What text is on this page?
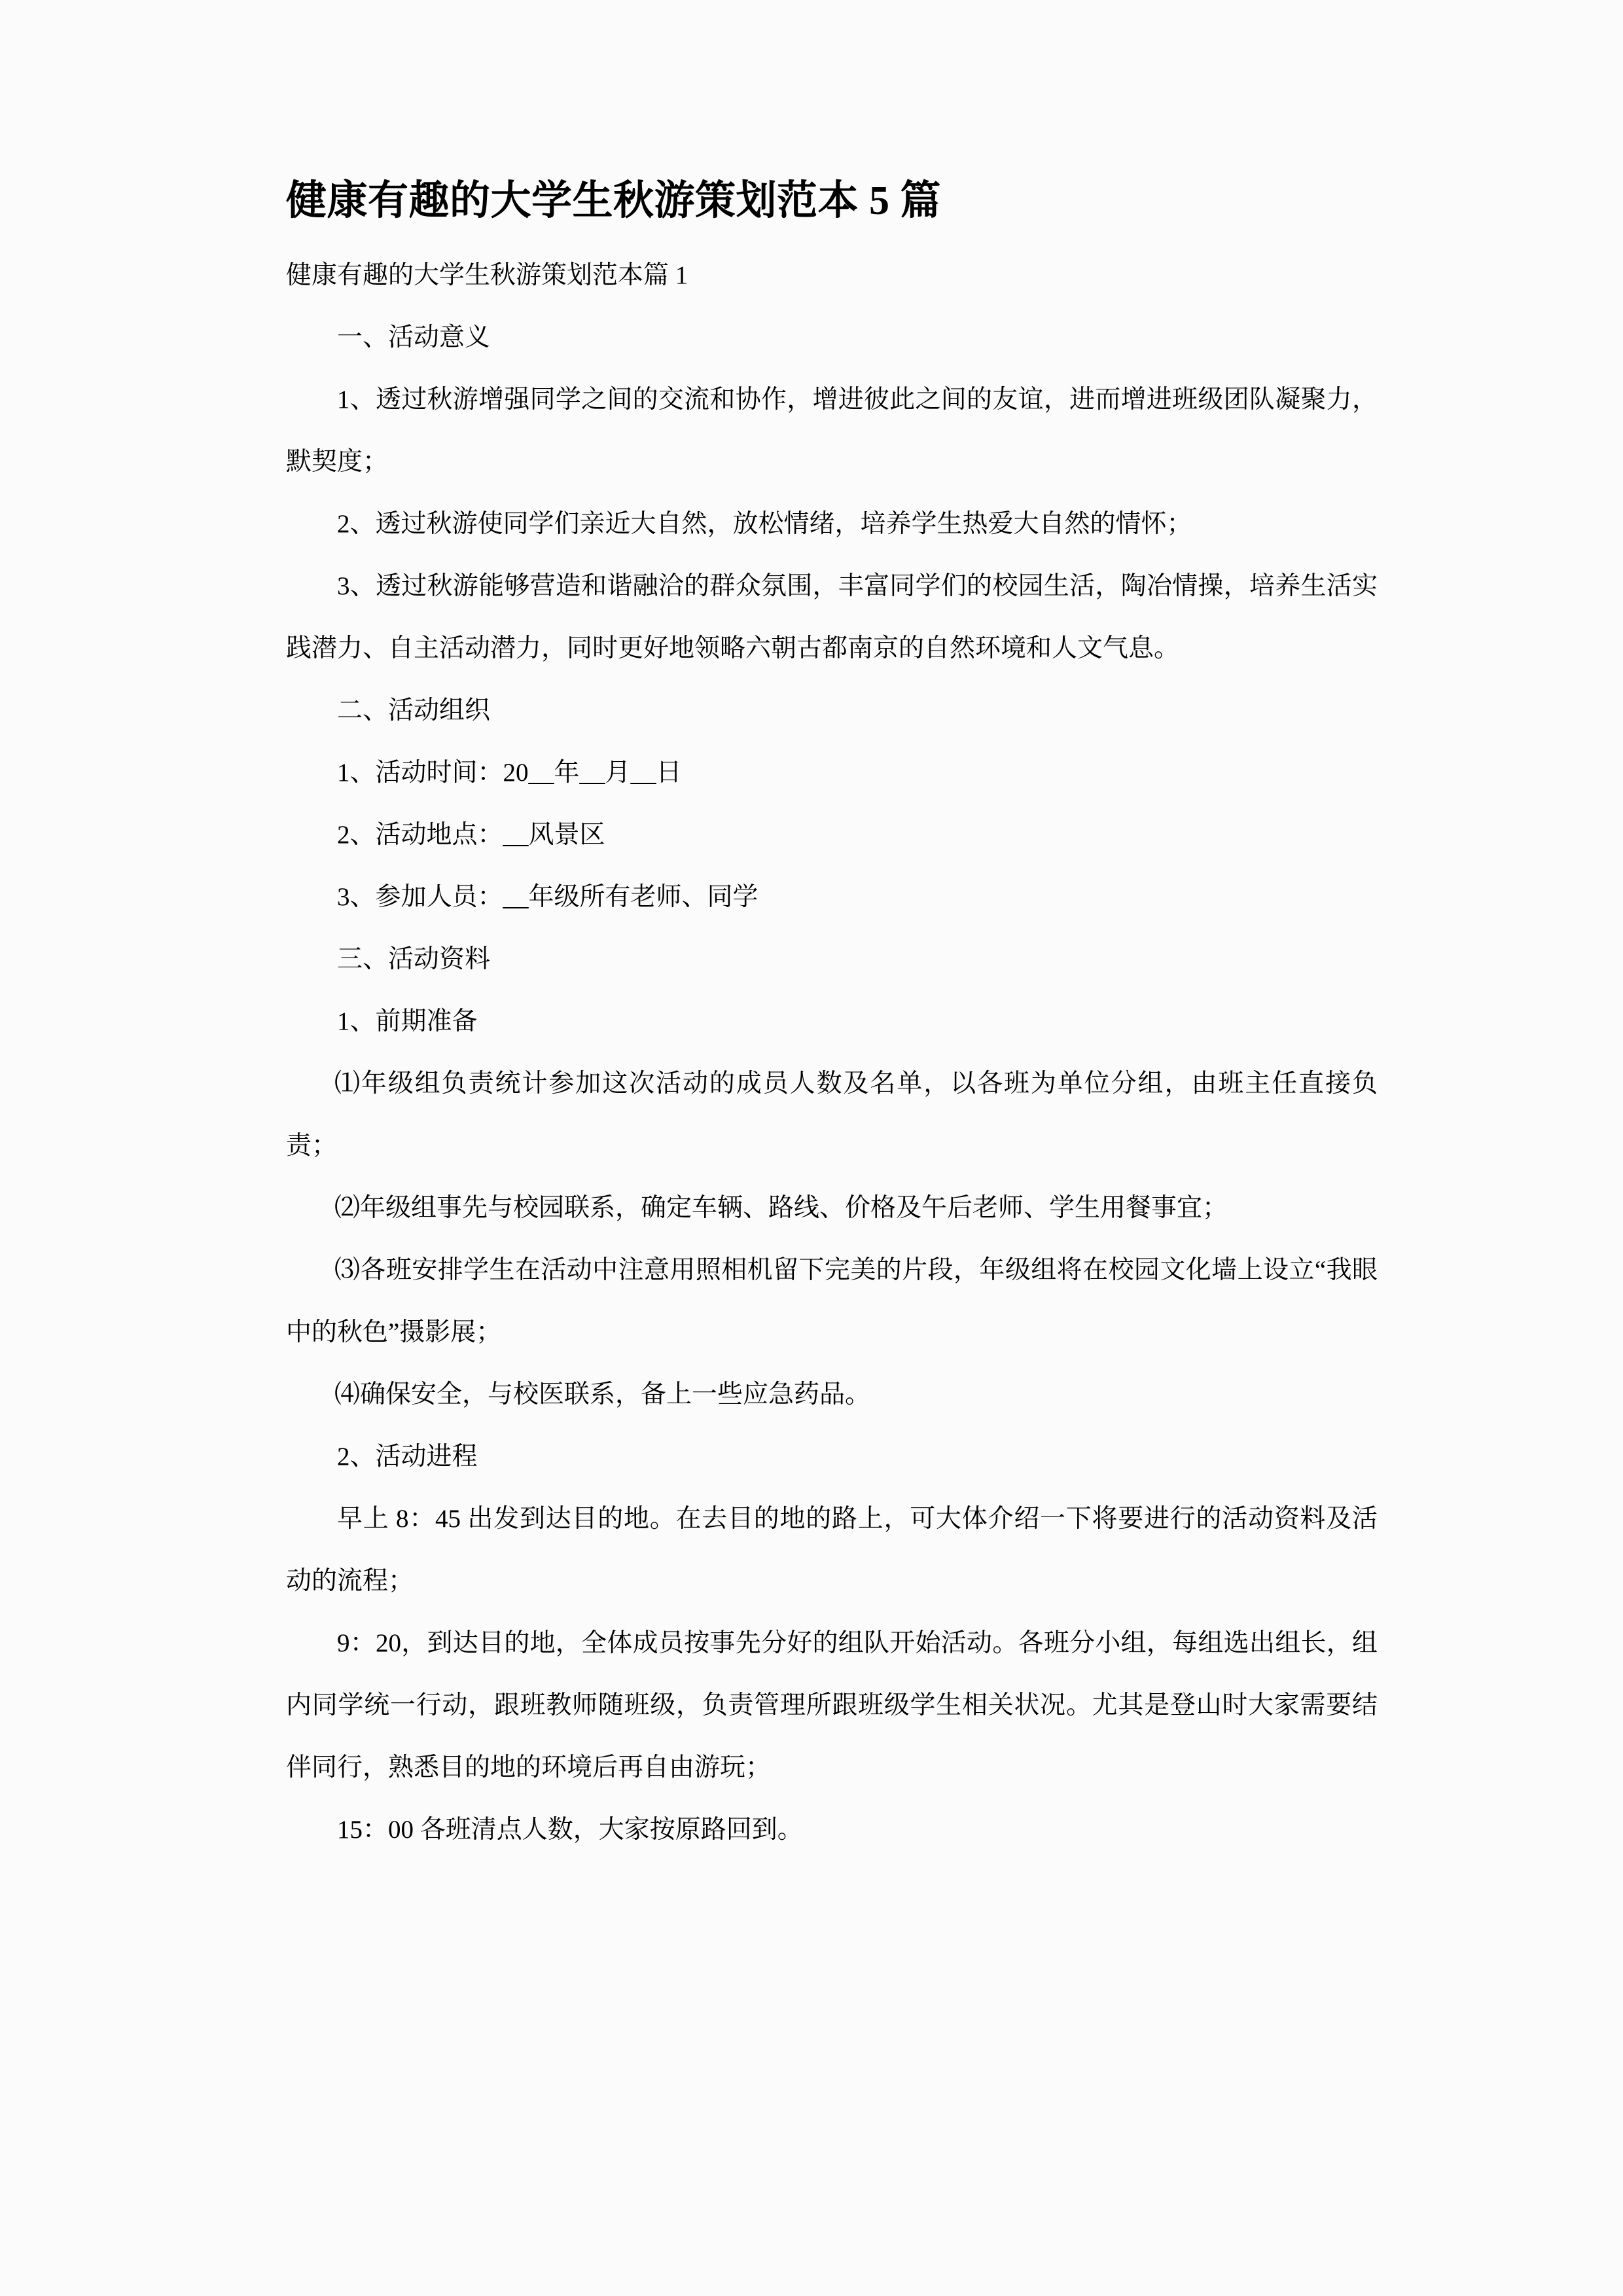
健康有趣的大学生秋游策划范本 5 篇

健康有趣的大学生秋游策划范本篇 1

一、活动意义

1、透过秋游增强同学之间的交流和协作，增进彼此之间的友谊，进而增进班级团队凝聚力，默契度；

2、透过秋游使同学们亲近大自然，放松情绪，培养学生热爱大自然的情怀；

3、透过秋游能够营造和谐融洽的群众氛围，丰富同学们的校园生活，陶冶情操，培养生活实践潜力、自主活动潜力，同时更好地领略六朝古都南京的自然环境和人文气息。

二、活动组织

1、活动时间：20__年__月__日

2、活动地点：__风景区

3、参加人员：__年级所有老师、同学

三、活动资料

1、前期准备

⑴年级组负责统计参加这次活动的成员人数及名单，以各班为单位分组，由班主任直接负责；

⑵年级组事先与校园联系，确定车辆、路线、价格及午后老师、学生用餐事宜；

⑶各班安排学生在活动中注意用照相机留下完美的片段，年级组将在校园文化墙上设立“我眼中的秋色”摄影展；

⑷确保安全，与校医联系，备上一些应急药品。

2、活动进程

早上 8：45 出发到达目的地。在去目的地的路上，可大体介绍一下将要进行的活动资料及活动的流程；

9：20，到达目的地，全体成员按事先分好的组队开始活动。各班分小组，每组选出组长，组内同学统一行动，跟班教师随班级，负责管理所跟班级学生相关状况。尤其是登山时大家需要结伴同行，熟悉目的地的环境后再自由游玩；

15：00 各班清点人数，大家按原路回到。
